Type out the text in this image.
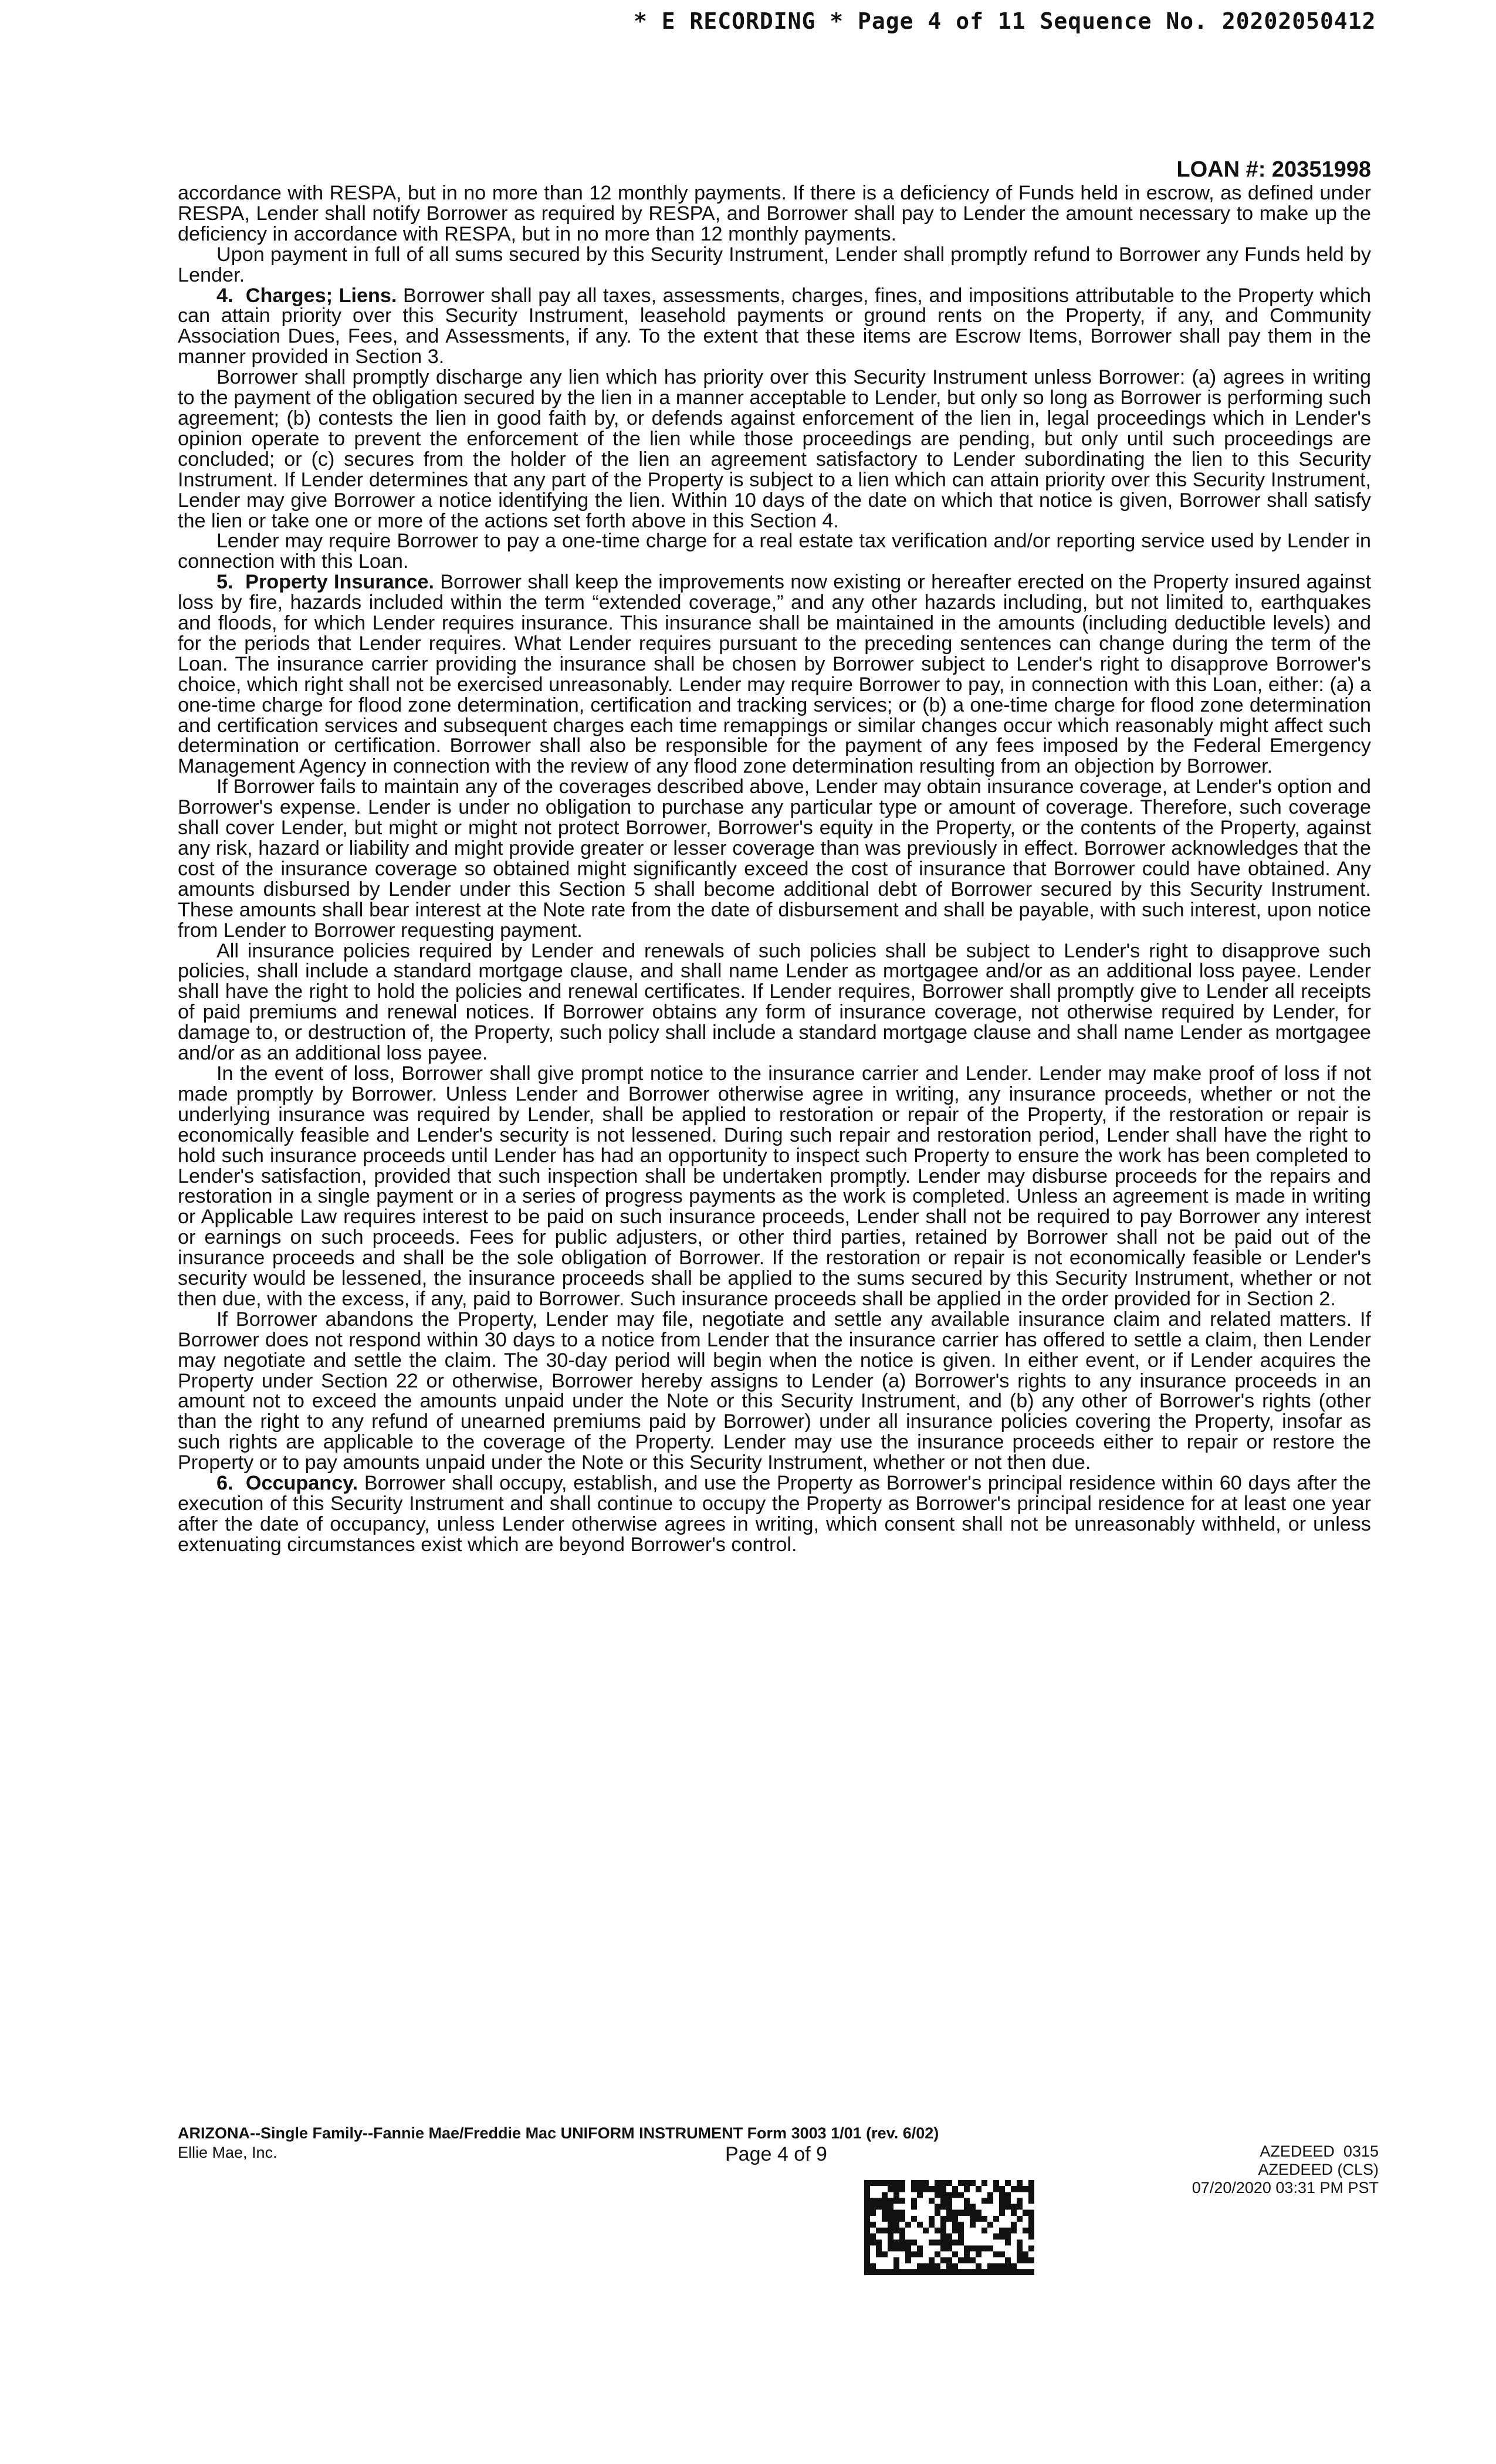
* E RECORDING * Page 4 of 11 Sequence No. 20202050412
LOAN #: 20351998

accordance with RESPA, but in no more than 12 monthly payments. If there is a deficiency of Funds held in escrow, as defined under RESPA, Lender shall notify Borrower as required by RESPA, and Borrower shall pay to Lender the amount necessary to make up the deficiency in accordance with RESPA, but in no more than 12 monthly payments.

Upon payment in full of all sums secured by this Security Instrument, Lender shall promptly refund to Borrower any Funds held by Lender.

4. Charges; Liens. Borrower shall pay all taxes, assessments, charges, fines, and impositions attributable to the Property which can attain priority over this Security Instrument, leasehold payments or ground rents on the Property, if any, and Community Association Dues, Fees, and Assessments, if any. To the extent that these items are Escrow Items, Borrower shall pay them in the manner provided in Section 3.

Borrower shall promptly discharge any lien which has priority over this Security Instrument unless Borrower: (a) agrees in writing to the payment of the obligation secured by the lien in a manner acceptable to Lender, but only so long as Borrower is performing such agreement; (b) contests the lien in good faith by, or defends against enforcement of the lien in, legal proceedings which in Lender's opinion operate to prevent the enforcement of the lien while those proceedings are pending, but only until such proceedings are concluded; or (c) secures from the holder of the lien an agreement satisfactory to Lender subordinating the lien to this Security Instrument. If Lender determines that any part of the Property is subject to a lien which can attain priority over this Security Instrument, Lender may give Borrower a notice identifying the lien. Within 10 days of the date on which that notice is given, Borrower shall satisfy the lien or take one or more of the actions set forth above in this Section 4.

Lender may require Borrower to pay a one-time charge for a real estate tax verification and/or reporting service used by Lender in connection with this Loan.

5. Property Insurance. Borrower shall keep the improvements now existing or hereafter erected on the Property insured against loss by fire, hazards included within the term “extended coverage,” and any other hazards including, but not limited to, earthquakes and floods, for which Lender requires insurance. This insurance shall be maintained in the amounts (including deductible levels) and for the periods that Lender requires. What Lender requires pursuant to the preceding sentences can change during the term of the Loan. The insurance carrier providing the insurance shall be chosen by Borrower subject to Lender's right to disapprove Borrower's choice, which right shall not be exercised unreasonably. Lender may require Borrower to pay, in connection with this Loan, either: (a) a one-time charge for flood zone determination, certification and tracking services; or (b) a one-time charge for flood zone determination and certification services and subsequent charges each time remappings or similar changes occur which reasonably might affect such determination or certification. Borrower shall also be responsible for the payment of any fees imposed by the Federal Emergency Management Agency in connection with the review of any flood zone determination resulting from an objection by Borrower.

If Borrower fails to maintain any of the coverages described above, Lender may obtain insurance coverage, at Lender's option and Borrower's expense. Lender is under no obligation to purchase any particular type or amount of coverage. Therefore, such coverage shall cover Lender, but might or might not protect Borrower, Borrower's equity in the Property, or the contents of the Property, against any risk, hazard or liability and might provide greater or lesser coverage than was previously in effect. Borrower acknowledges that the cost of the insurance coverage so obtained might significantly exceed the cost of insurance that Borrower could have obtained. Any amounts disbursed by Lender under this Section 5 shall become additional debt of Borrower secured by this Security Instrument. These amounts shall bear interest at the Note rate from the date of disbursement and shall be payable, with such interest, upon notice from Lender to Borrower requesting payment.

All insurance policies required by Lender and renewals of such policies shall be subject to Lender's right to disapprove such policies, shall include a standard mortgage clause, and shall name Lender as mortgagee and/or as an additional loss payee. Lender shall have the right to hold the policies and renewal certificates. If Lender requires, Borrower shall promptly give to Lender all receipts of paid premiums and renewal notices. If Borrower obtains any form of insurance coverage, not otherwise required by Lender, for damage to, or destruction of, the Property, such policy shall include a standard mortgage clause and shall name Lender as mortgagee and/or as an additional loss payee.

In the event of loss, Borrower shall give prompt notice to the insurance carrier and Lender. Lender may make proof of loss if not made promptly by Borrower. Unless Lender and Borrower otherwise agree in writing, any insurance proceeds, whether or not the underlying insurance was required by Lender, shall be applied to restoration or repair of the Property, if the restoration or repair is economically feasible and Lender's security is not lessened. During such repair and restoration period, Lender shall have the right to hold such insurance proceeds until Lender has had an opportunity to inspect such Property to ensure the work has been completed to Lender's satisfaction, provided that such inspection shall be undertaken promptly. Lender may disburse proceeds for the repairs and restoration in a single payment or in a series of progress payments as the work is completed. Unless an agreement is made in writing or Applicable Law requires interest to be paid on such insurance proceeds, Lender shall not be required to pay Borrower any interest or earnings on such proceeds. Fees for public adjusters, or other third parties, retained by Borrower shall not be paid out of the insurance proceeds and shall be the sole obligation of Borrower. If the restoration or repair is not economically feasible or Lender's security would be lessened, the insurance proceeds shall be applied to the sums secured by this Security Instrument, whether or not then due, with the excess, if any, paid to Borrower. Such insurance proceeds shall be applied in the order provided for in Section 2.

If Borrower abandons the Property, Lender may file, negotiate and settle any available insurance claim and related matters. If Borrower does not respond within 30 days to a notice from Lender that the insurance carrier has offered to settle a claim, then Lender may negotiate and settle the claim. The 30-day period will begin when the notice is given. In either event, or if Lender acquires the Property under Section 22 or otherwise, Borrower hereby assigns to Lender (a) Borrower's rights to any insurance proceeds in an amount not to exceed the amounts unpaid under the Note or this Security Instrument, and (b) any other of Borrower's rights (other than the right to any refund of unearned premiums paid by Borrower) under all insurance policies covering the Property, insofar as such rights are applicable to the coverage of the Property. Lender may use the insurance proceeds either to repair or restore the Property or to pay amounts unpaid under the Note or this Security Instrument, whether or not then due.

6. Occupancy. Borrower shall occupy, establish, and use the Property as Borrower's principal residence within 60 days after the execution of this Security Instrument and shall continue to occupy the Property as Borrower's principal residence for at least one year after the date of occupancy, unless Lender otherwise agrees in writing, which consent shall not be unreasonably withheld, or unless extenuating circumstances exist which are beyond Borrower's control.

ARIZONA--Single Family--Fannie Mae/Freddie Mac UNIFORM INSTRUMENT Form 3003 1/01 (rev. 6/02)
Ellie Mae, Inc.	Page 4 of 9	AZEDEED  0315
AZEDEED (CLS)
07/20/2020 03:31 PM PST
